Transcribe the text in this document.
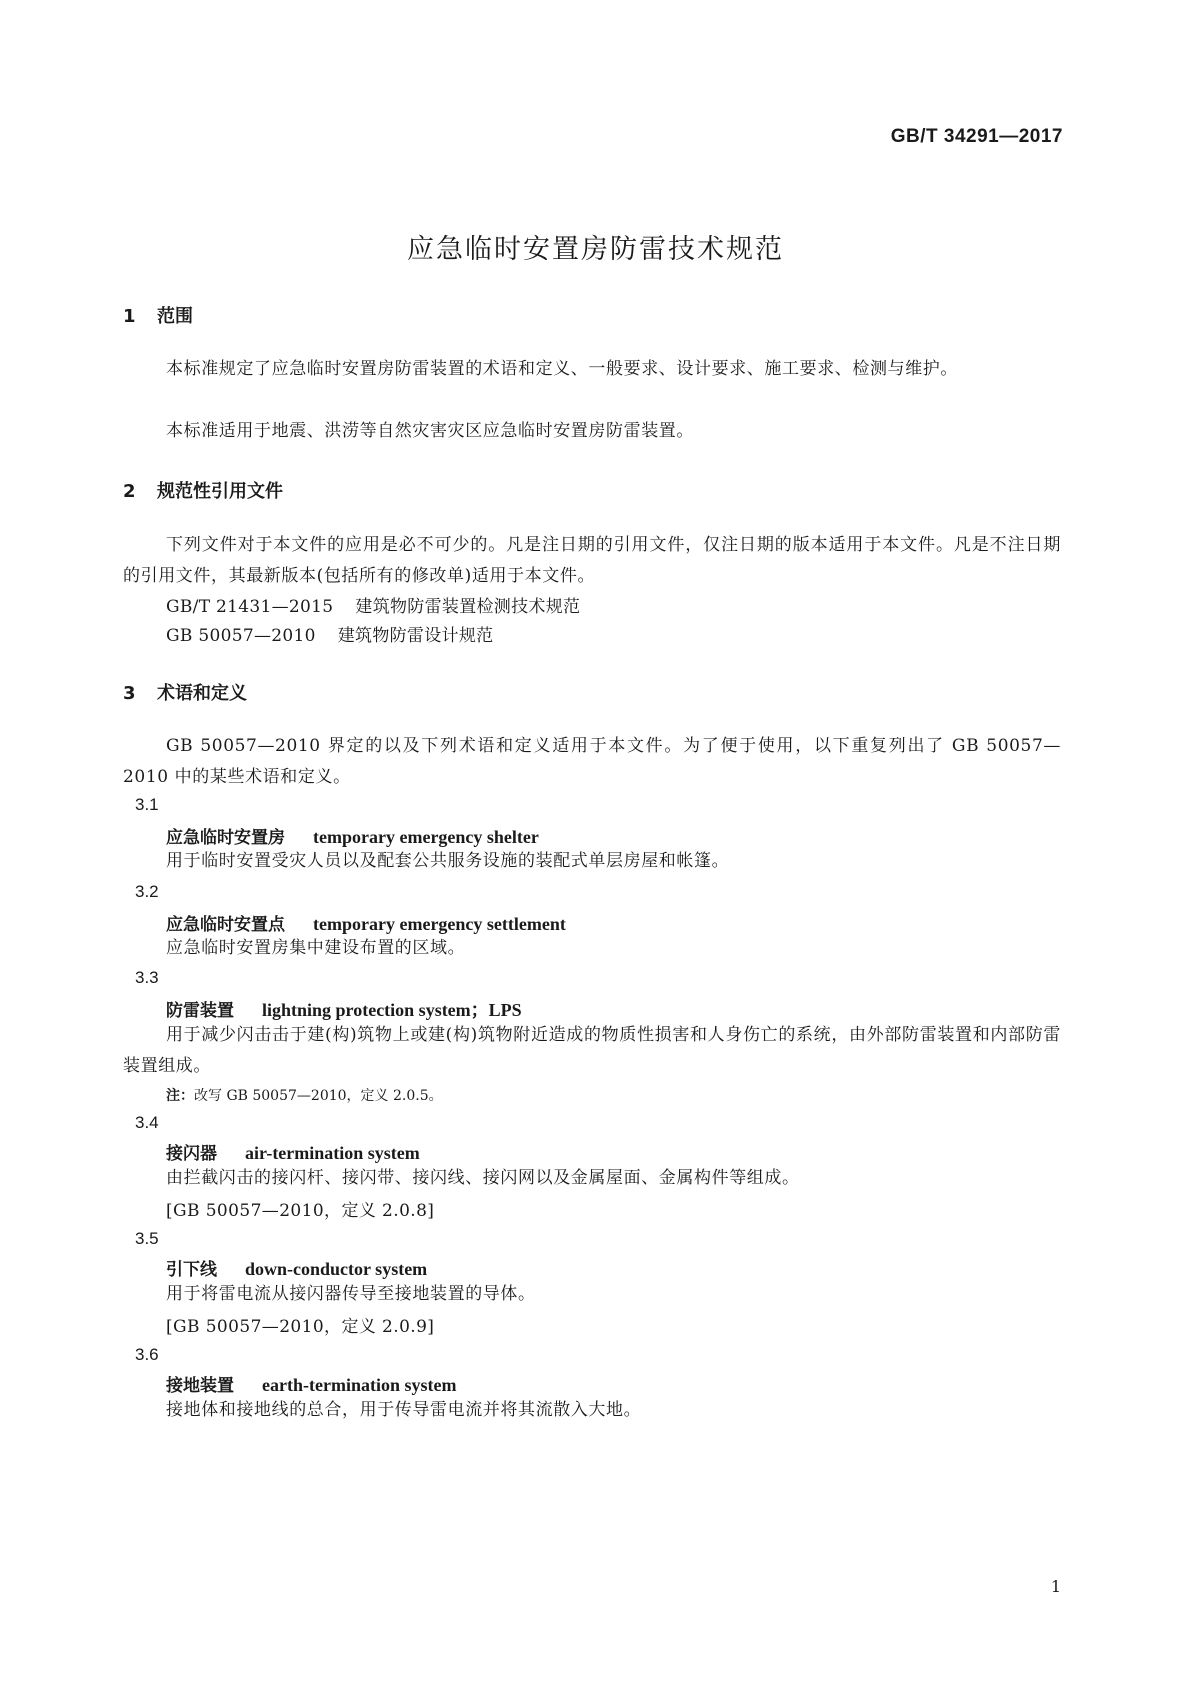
GB/T 34291—2017
应急临时安置房防雷技术规范
1 范围
本标准规定了应急临时安置房防雷装置的术语和定义、一般要求、设计要求、施工要求、检测与维护。
本标准适用于地震、洪涝等自然灾害灾区应急临时安置房防雷装置。
2 规范性引用文件
下列文件对于本文件的应用是必不可少的。凡是注日期的引用文件，仅注日期的版本适用于本文件。凡是不注日期的引用文件，其最新版本(包括所有的修改单)适用于本文件。
GB/T 21431—2015 建筑物防雷装置检测技术规范
GB 50057—2010 建筑物防雷设计规范
3 术语和定义
GB 50057—2010 界定的以及下列术语和定义适用于本文件。为了便于使用，以下重复列出了 GB 50057—2010 中的某些术语和定义。
3.1
应急临时安置房 temporary emergency shelter
用于临时安置受灾人员以及配套公共服务设施的装配式单层房屋和帐篷。
3.2
应急临时安置点 temporary emergency settlement
应急临时安置房集中建设布置的区域。
3.3
防雷装置 lightning protection system；LPS
用于减少闪击击于建(构)筑物上或建(构)筑物附近造成的物质性损害和人身伤亡的系统，由外部防雷装置和内部防雷装置组成。
注：改写 GB 50057—2010，定义 2.0.5。
3.4
接闪器 air-termination system
由拦截闪击的接闪杆、接闪带、接闪线、接闪网以及金属屋面、金属构件等组成。
[GB 50057—2010，定义 2.0.8]
3.5
引下线 down-conductor system
用于将雷电流从接闪器传导至接地装置的导体。
[GB 50057—2010，定义 2.0.9]
3.6
接地装置 earth-termination system
接地体和接地线的总合，用于传导雷电流并将其流散入大地。
1
